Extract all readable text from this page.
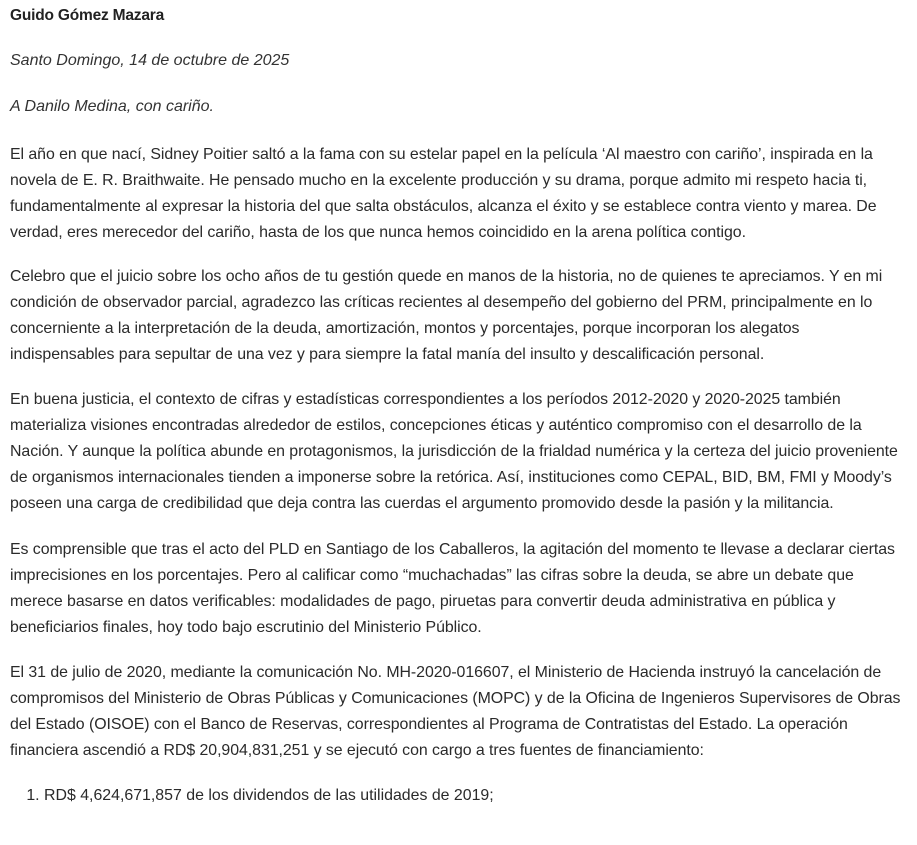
Guido Gómez Mazara

Santo Domingo, 14 de octubre de 2025

A Danilo Medina, con cariño.

El año en que nací, Sidney Poitier saltó a la fama con su estelar papel en la película ‘Al maestro con cariño’, inspirada en la novela de E. R. Braithwaite. He pensado mucho en la excelente producción y su drama, porque admito mi respeto hacia ti, fundamentalmente al expresar la historia del que salta obstáculos, alcanza el éxito y se establece contra viento y marea. De verdad, eres merecedor del cariño, hasta de los que nunca hemos coincidido en la arena política contigo.

Celebro que el juicio sobre los ocho años de tu gestión quede en manos de la historia, no de quienes te apreciamos. Y en mi condición de observador parcial, agradezco las críticas recientes al desempeño del gobierno del PRM, principalmente en lo concerniente a la interpretación de la deuda, amortización, montos y porcentajes, porque incorporan los alegatos indispensables para sepultar de una vez y para siempre la fatal manía del insulto y descalificación personal.

En buena justicia, el contexto de cifras y estadísticas correspondientes a los períodos 2012-2020 y 2020-2025 también materializa visiones encontradas alrededor de estilos, concepciones éticas y auténtico compromiso con el desarrollo de la Nación. Y aunque la política abunde en protagonismos, la jurisdicción de la frialdad numérica y la certeza del juicio proveniente de organismos internacionales tienden a imponerse sobre la retórica. Así, instituciones como CEPAL, BID, BM, FMI y Moody’s poseen una carga de credibilidad que deja contra las cuerdas el argumento promovido desde la pasión y la militancia.

Es comprensible que tras el acto del PLD en Santiago de los Caballeros, la agitación del momento te llevase a declarar ciertas imprecisiones en los porcentajes. Pero al calificar como “muchachadas” las cifras sobre la deuda, se abre un debate que merece basarse en datos verificables: modalidades de pago, piruetas para convertir deuda administrativa en pública y beneficiarios finales, hoy todo bajo escrutinio del Ministerio Público.

El 31 de julio de 2020, mediante la comunicación No. MH-2020-016607, el Ministerio de Hacienda instruyó la cancelación de compromisos del Ministerio de Obras Públicas y Comunicaciones (MOPC) y de la Oficina de Ingenieros Supervisores de Obras del Estado (OISOE) con el Banco de Reservas, correspondientes al Programa de Contratistas del Estado. La operación financiera ascendió a RD$ 20,904,831,251 y se ejecutó con cargo a tres fuentes de financiamiento:

1. RD$ 4,624,671,857 de los dividendos de las utilidades de 2019;
